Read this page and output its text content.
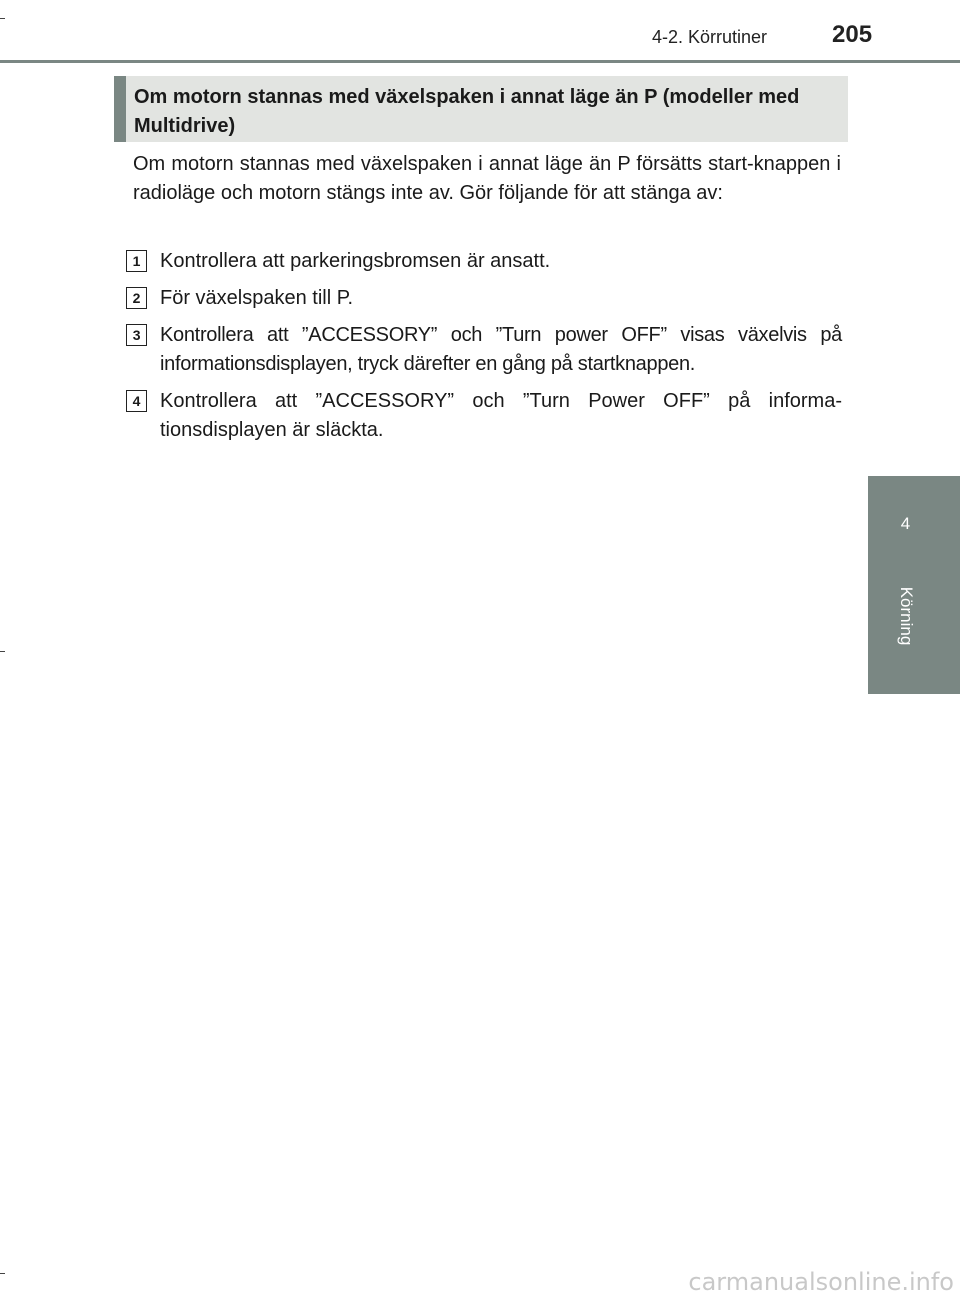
4-2. Körrutiner	205
4
Körning
Om motorn stannas med växelspaken i annat läge än P (modeller med Multidrive)

Om motorn stannas med växelspaken i annat läge än P försätts start-knappen i radioläge och motorn stängs inte av. Gör följande för att stänga av:

1 Kontrollera att parkeringsbromsen är ansatt.
2 För växelspaken till P.
3 Kontrollera att ”ACCESSORY” och ”Turn power OFF” visas växelvis på informationsdisplayen, tryck därefter en gång på startknappen.
4 Kontrollera att ”ACCESSORY” och ”Turn Power OFF” på informa-tionsdisplayen är släckta.
carmanualsonline.info
